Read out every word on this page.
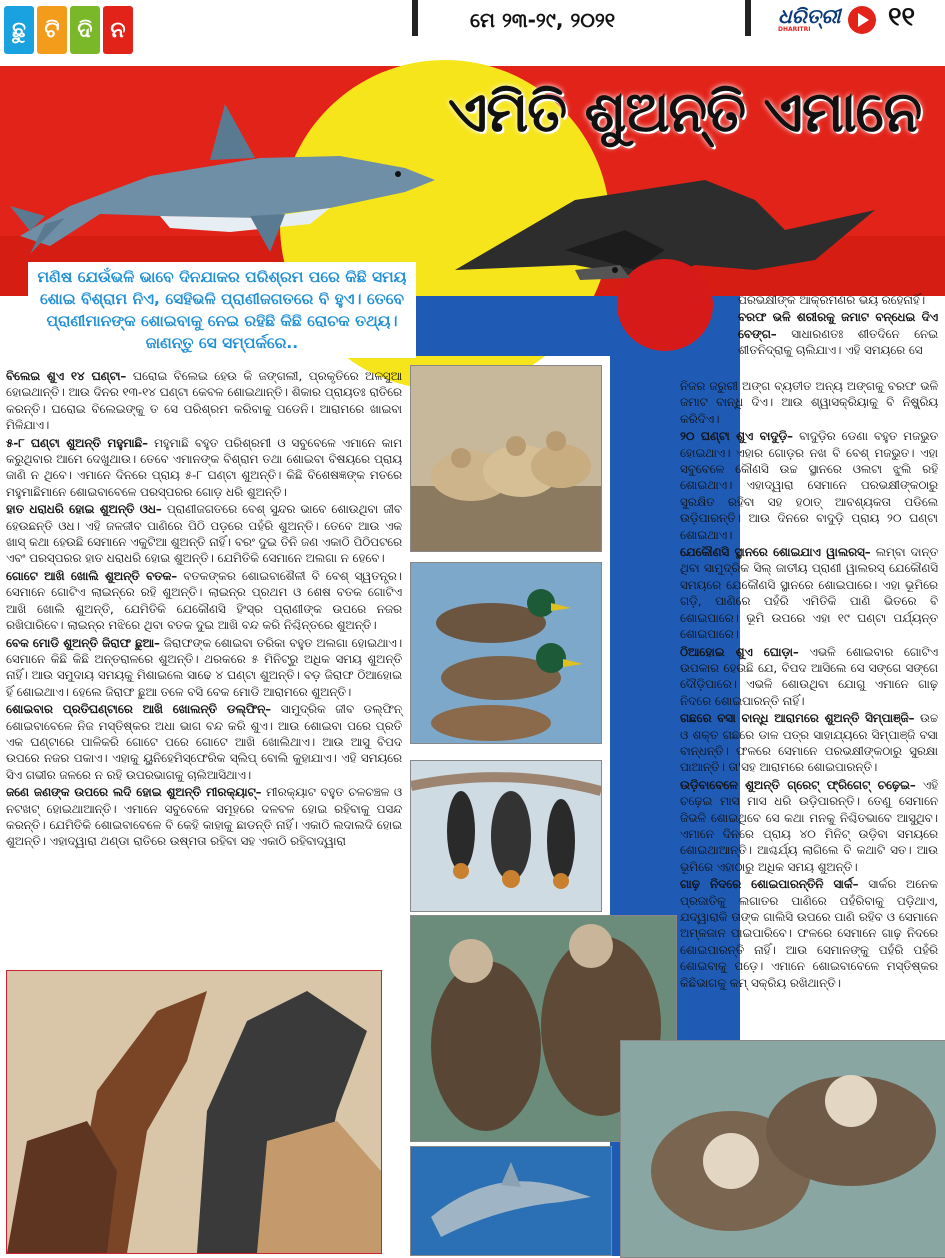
ଛୁ ଟି ଦି ନ	ମେ ୨୩-୨୯, ୨୦୨୧	ଧରିତ୍ରୀ
DHARITRI	୧୧
ଏମିତି ଶୁଅନ୍ତି ଏମାନେ
ମଣିଷ ଯେଉଁଭଳି ଭାବେ ଦିନଯାକର ପରିଶ୍ରମ ପରେ କିଛି ସମୟ ଶୋଇ ବିଶ୍ରାମ ନିଏ, ସେହିଭଳି ପ୍ରାଣୀଜଗତରେ ବି ହୁଏ। ତେବେ ପ୍ରାଣୀମାନଙ୍କ ଶୋଇବାକୁ ନେଇ ରହିଛି କିଛି ରୋଚକ ତଥ୍ୟ। ଜାଣନ୍ତୁ ସେ ସମ୍ପର୍କରେ..

ବିଲେଇ ଶୁଏ ୧୪ ଘଣ୍ଟା– ଘରୋଇ ବିଲେଇ ହେଉ କି ଜଙ୍ଗଲୀ, ପ୍ରକୃତିରେ ଅଳସୁଆ ହୋଇଥାନ୍ତି। ଆଉ ଦିନର ୧୩-୧୪ ଘଣ୍ଟା କେବଳ ଶୋଇଥାନ୍ତି। ଶିକାର ପ୍ରାୟତଃ ରାତିରେ କରନ୍ତି। ଘରୋଇ ବିଲେଇଙ୍କୁ ତ ସେ ପରିଶ୍ରମ କରିବାକୁ ପଡେନି। ଆରାମରେ ଖାଇବା ମିଳିଯାଏ।

୫-୮ ଘଣ୍ଟା ଶୁଅନ୍ତି ମହୁମାଛି– ମହୁମାଛି ବହୁତ ପରିଶ୍ରମୀ ଓ ସବୁବେଳେ ଏମାନେ କାମ କରୁଥିବାର ଆମେ ଦେଖୁଥାଉ। ତେବେ ଏମାନଙ୍କ ବିଶ୍ରାମ ତଥା ଶୋଇବା ବିଷୟରେ ପ୍ରାୟ ଜାଣି ନ ଥିବେ। ଏମାନେ ଦିନରେ ପ୍ରାୟ ୫-୮ ଘଣ୍ଟା ଶୁଅନ୍ତି। କିଛି ବିଶେଷଜ୍ଞଙ୍କ ମତରେ ମହୁମାଛିମାନେ ଶୋଇବାବେଳେ ପରସ୍ପରର ଗୋଡ଼ ଧରି ଶୁଅନ୍ତି।

ହାତ ଧରାଧରି ହୋଇ ଶୁଅନ୍ତି ଓଧ– ପ୍ରାଣୀଜଗତରେ ବେଶ୍ ସୁନ୍ଦର ଭାବେ ଶୋଉଥିବା ଜୀବ ହେଉଛନ୍ତି ଓଧ। ଏହି ଜଳଜୀବ ପାଣିରେ ପିଠି ପଡ଼ରେ ପହଁରି ଶୁଅନ୍ତି। ତେବେ ଆଉ ଏକ ଖାସ୍ କଥା ହେଉଛି ସେମାନେ ଏକୁଟିଆ ଶୁଅନ୍ତି ନାହିଁ। ବରଂ ଦୁଇ ତିନି ଜଣ ଏକାଠି ପିଠିପଟରେ ଏବଂ ପରସ୍ପରର ହାତ ଧରାଧରି ହୋଇ ଶୁଅନ୍ତି। ଯେମିତିକି ସେମାନେ ଅଲଗା ନ ହେବେ।

ଗୋଟେ ଆଖି ଖୋଲି ଶୁଅନ୍ତି ବତକ– ବତକଙ୍କର ଶୋଇବାଶୈଳୀ ବି ବେଶ୍ ସ୍ୱତନ୍ତ୍ର। ସେମାନେ ଗୋଟିଏ ଲାଇନ୍‌ରେ ରହି ଶୁଅନ୍ତି। ଲାଇନ୍‌ର ପ୍ରଥମ ଓ ଶେଷ ବତକ ଗୋଟିଏ ଆଖି ଖୋଲି ଶୁଅନ୍ତି, ଯେମିତିକି ଯେକୌଣସି ହିଂସ୍ର ପ୍ରାଣୀଙ୍କ ଉପରେ ନଜର ରଖିପାରିବେ। ଲାଇନ୍‌ର ମଝିରେ ଥିବା ବତକ ଦୁଇ ଆଖି ବନ୍ଦ କରି ନିଶ୍ଚିନ୍ତରେ ଶୁଅନ୍ତି।

ବେକ ମୋଡି ଶୁଅନ୍ତି ଜିରାଫ ଛୁଆ– ଜିରାଫଙ୍କ ଶୋଇବା ତରିକା ବହୁତ ଅଲଗା ହୋଇଥାଏ। ସେମାନେ କିଛି କିଛି ଅନ୍ତରାଳରେ ଶୁଅନ୍ତି। ଥରକରେ ୫ ମିନିଟ୍‌ରୁ ଅଧିକ ସମୟ ଶୁଅନ୍ତି ନାହିଁ। ଆଉ ସମୁଦାୟ ସମୟକୁ ମିଶାଇଲେ ସାଢେ ୪ ଘଣ୍ଟା ଶୁଅନ୍ତି। ବଡ଼ ଜିରାଫ ଠିଆହୋଇ ହିଁ ଶୋଇଥାଏ। ହେଲେ ଜିରାଫ ଛୁଆ ତଳେ ବସି ବେକ ମୋଡି ଆରାମରେ ଶୁଅନ୍ତି।

ଶୋଇବାର ପ୍ରତିଘଣ୍ଟାରେ ଆଖି ଖୋଲନ୍ତି ଡଲ୍‌ଫିନ୍– ସାମୁଦ୍ରିକ ଜୀବ ଡଲ୍‌ଫିନ୍ ଶୋଇବାବେଳେ ନିଜ ମସ୍ତିଷ୍କର ଅଧା ଭାଗ ବନ୍ଦ କରି ଶୁଏ। ଆଉ ଶୋଇବା ପରେ ପ୍ରତି ଏକ ଘଣ୍ଟାରେ ପାଳିକରି ଗୋଟେ ପରେ ଗୋଟେ ଆଖି ଖୋଲିଥାଏ। ଆଉ ଆସୁ ବିପଦ ଉପରେ ନଜର ପକାଏ। ଏହାକୁ ୟୁନିହେମିସ୍ଫେରିକ ସ୍ଲିପ୍ ବୋଲି କୁହାଯାଏ। ଏହି ସମୟରେ ସିଏ ଗଭୀର ଜଳରେ ନ ରହି ଉପରଭାଗକୁ ଚାଲିଆସିଥାଏ।

ଜଣେ ଜଣଙ୍କ ଉପରେ ଲଦି ହୋଇ ଶୁଅନ୍ତି ମୀରକ୍ୟାଟ୍– ମୀରକ୍ୟାଟ ବହୁତ ଚଳଚଞ୍ଚଳ ଓ ନଟଖଟ୍ ହୋଇଥାଆନ୍ତି। ଏମାନେ ସବୁବେଳେ ସମୂହରେ ଦଳବଳ ହୋଇ ରହିବାକୁ ପସନ୍ଦ କରନ୍ତି। ଯେମିତିକି ଶୋଇବାବେଳେ ବି କେହି କାହାକୁ ଛାଡନ୍ତି ନାହିଁ। ଏକାଠି ଲଦାଲଦି ହୋଇ ଶୁଅନ୍ତି। ଏହାଦ୍ୱାରା ଥଣ୍ଡା ରାତିରେ ଉଷ୍ମତା ରହିବା ସହ ଏକାଠି ରହିବାଦ୍ୱାରା

ପରଭକ୍ଷୀଙ୍କ ଆକ୍ରମଣର ଭୟ ରହେନାହିଁ।

ବରଫ ଭଳି ଶରୀରକୁ ଜମାଟ ବନ୍ଧେଇ ଦିଏ ବେଙ୍ଗ– ସାଧାରଣତଃ ଶୀତଦିନେ ନେଇ ଶୀତନିଦ୍ରାକୁ ଚାଲିଯାଏ। ଏହି ସମୟରେ ସେ

ନିଜର ଜରୁରୀ ଅଙ୍ଗ ବ୍ୟତୀତ ଅନ୍ୟ ଅଙ୍ଗକୁ ବରଫ ଭଳି ଜମାଟ ବାନ୍ଧି ଦିଏ। ଆଉ ଶ୍ୱାସକ୍ରିୟାକୁ ବି ନିଷ୍କ୍ରିୟ କରିଦିଏ।

୨୦ ଘଣ୍ଟା ଶୁଏ ବାଦୁଡ଼ି– ବାଦୁଡ଼ିର ଡେଣା ବହୁତ ମଜଭୁତ ହୋଇଥାଏ। ଏହାର ଗୋଡ଼ର ନଖ ବି ବେଶ୍ ମଜଭୁତ। ଏହା ସବୁବେଳେ କୌଣସି ଉଚ୍ଚ ସ୍ଥାନରେ ଓଲଟା ଝୁଲି ରହି ଶୋଇଥାଏ। ଏହାଦ୍ୱାରା ସେମାନେ ପରଭକ୍ଷୀଙ୍କଠାରୁ ସୁରକ୍ଷିତ ରହିବା ସହ ହଠାତ୍ ଆବଶ୍ୟକତା ପଡିଲେ ଉଡ଼ିପାରନ୍ତି। ଆଉ ଦିନରେ ବାଦୁଡ଼ି ପ୍ରାୟ ୨୦ ଘଣ୍ଟା ଶୋଇଥାଏ।

ଯେକୌଣସି ସ୍ଥାନରେ ଶୋଇଯାଏ ୱାଲରସ୍– ଲମ୍ବା ଦାନ୍ତ ଥିବା ସାମୁଦ୍ରିକ ସିଲ୍ ଜାତୀୟ ପ୍ରାଣୀ ୱାଲରସ୍ ଯେକୌଣସି ସମୟରେ ଯେକୌଣସି ସ୍ଥାନରେ ଶୋଇପାରେ। ଏହା ଭୂମିରେ ଗଡ଼ି, ପାଣିରେ ପହଁରି ଏମିତିକି ପାଣି ଭିତରେ ବି ଶୋଇପାରେ। ଭୂମି ଉପରେ ଏହା ୧୯ ଘଣ୍ଟା ପର୍ଯ୍ୟନ୍ତ ଶୋଇପାରେ।

ଠିଆହୋଇ ଶୁଏ ଘୋଡ଼ା– ଏଭଳି ଶୋଇବାର ଗୋଟିଏ ଉପକାର ହେଉଛି ଯେ, ବିପଦ ଆସିଲେ ସେ ସଙ୍ଗେ ସଙ୍ଗେ ଦୌଡ଼ିପାରେ। ଏଭଳି ଶୋଉଥିବା ଯୋଗୁ ଏମାନେ ଗାଢ଼ ନିଦରେ ଶୋଇପାରନ୍ତି ନାହିଁ।

ଗଛରେ ବସା ବାନ୍ଧି ଆରାମରେ ଶୁଅନ୍ତି ସିମ୍ପାଞ୍ଜି– ଉଚ୍ଚ ଓ ଶକ୍ତ ଗଛରେ ଡାଳ ପତ୍ର ସାହାଯ୍ୟରେ ସିମ୍ପାଞ୍ଜି ବସା ବାନ୍ଧନ୍ତି। ଫଳରେ ସେମାନେ ପରଭକ୍ଷୀଙ୍କଠାରୁ ସୁରକ୍ଷା ପାଆନ୍ତି। ତା'ସହ ଆରାମରେ ଶୋଇପାରନ୍ତି।

ଉଡ଼ିବାବେଳେ ଶୁଅନ୍ତି ଗ୍ରେଟ୍ ଫ୍ରିଗେଟ୍ ଚଢ଼େଇ– ଏହି ଚଢ଼େଇ ମାସ ମାସ ଧରି ଉଡ଼ିପାରନ୍ତି। ତେଣୁ ସେମାନେ ଜିଭଳି ଶୋଇଥିବେ ସେ କଥା ମନକୁ ନିଶ୍ଚିତଭାବେ ଆସୁଥିବ। ଏମାନେ ଦିନରେ ପ୍ରାୟ ୪୦ ମିନିଟ୍ ଉଡ଼ିବା ସମୟରେ ଶୋଇଥାଆନ୍ତି। ଆଶ୍ଚର୍ଯ୍ୟ ଲାଗିଲେ ବି କଥାଟି ସତ। ଆଉ ଭୂମିରେ ଏହାଠାରୁ ଅଧିକ ସମୟ ଶୁଅନ୍ତି।

ଗାଢ଼ ନିଦରେ ଶୋଇପାରନ୍ତିନି ସାର୍କ– ସାର୍କର ଅନେକ ପ୍ରଜାତିକୁ ଲଗାତର ପାଣିରେ ପହଁରିବାକୁ ପଡ଼ିଥାଏ, ଯଦ୍ୱାରାକି ତାଙ୍କ ଗାଲିସି ଉପରେ ପାଣି ରହିବ ଓ ସେମାନେ ଅମ୍ଳଜାନ ପାଇପାରିବେ। ଫଳରେ ସେମାନେ ଗାଢ଼ ନିଦରେ ଶୋଇପାରନ୍ତି ନାହିଁ। ଆଉ ସେମାନଙ୍କୁ ପହଁରି ପହଁରି ଶୋଇବାକୁ ପଡ଼େ। ଏମାନେ ଶୋଇବାବେଳେ ମସ୍ତିଷ୍କର କିଛିଭାଗକୁ କମ୍ ସକ୍ରିୟ ରଖିଥାନ୍ତି।
